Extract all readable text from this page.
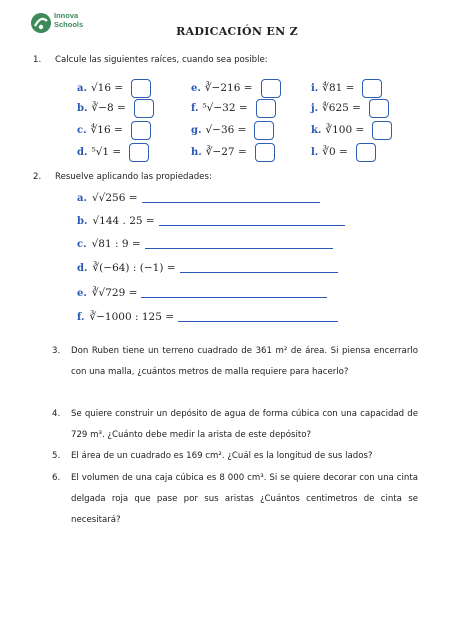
Innova
Schools
RADICACIÓN EN Z
1. Calcule las siguientes raíces, cuando sea posible:
a. √16 =
b. ∛−8 =
c. ∜16 =
d. ⁵√1 =
e. ∛−216 =
f. ⁵√−32 =
g. √−36 =
h. ∛−27 =
i. ∜81 =
j. ∜625 =
k. ∛100 =
l. ∛0 =
2. Resuelve aplicando las propiedades:
a. √√256 =
b. √144 . 25 =
c. √81 : 9 =
d. ∛(−64) : (−1) =
e. ∛√729 =
f. ∛−1000 : 125 =
3. Don Ruben tiene un terreno cuadrado de 361 m² de área. Si piensa encerrarlo con una malla, ¿cuántos metros de malla requiere para hacerlo?
4. Se quiere construir un depósito de agua de forma cúbica con una capacidad de 729 m³. ¿Cuánto debe medir la arista de este depósito?
5. El área de un cuadrado es 169 cm². ¿Cuál es la longitud de sus lados?
6. El volumen de una caja cúbica es 8 000 cm³. Si se quiere decorar con una cinta delgada roja que pase por sus aristas ¿Cuántos centimetros de cinta se necesitará?
